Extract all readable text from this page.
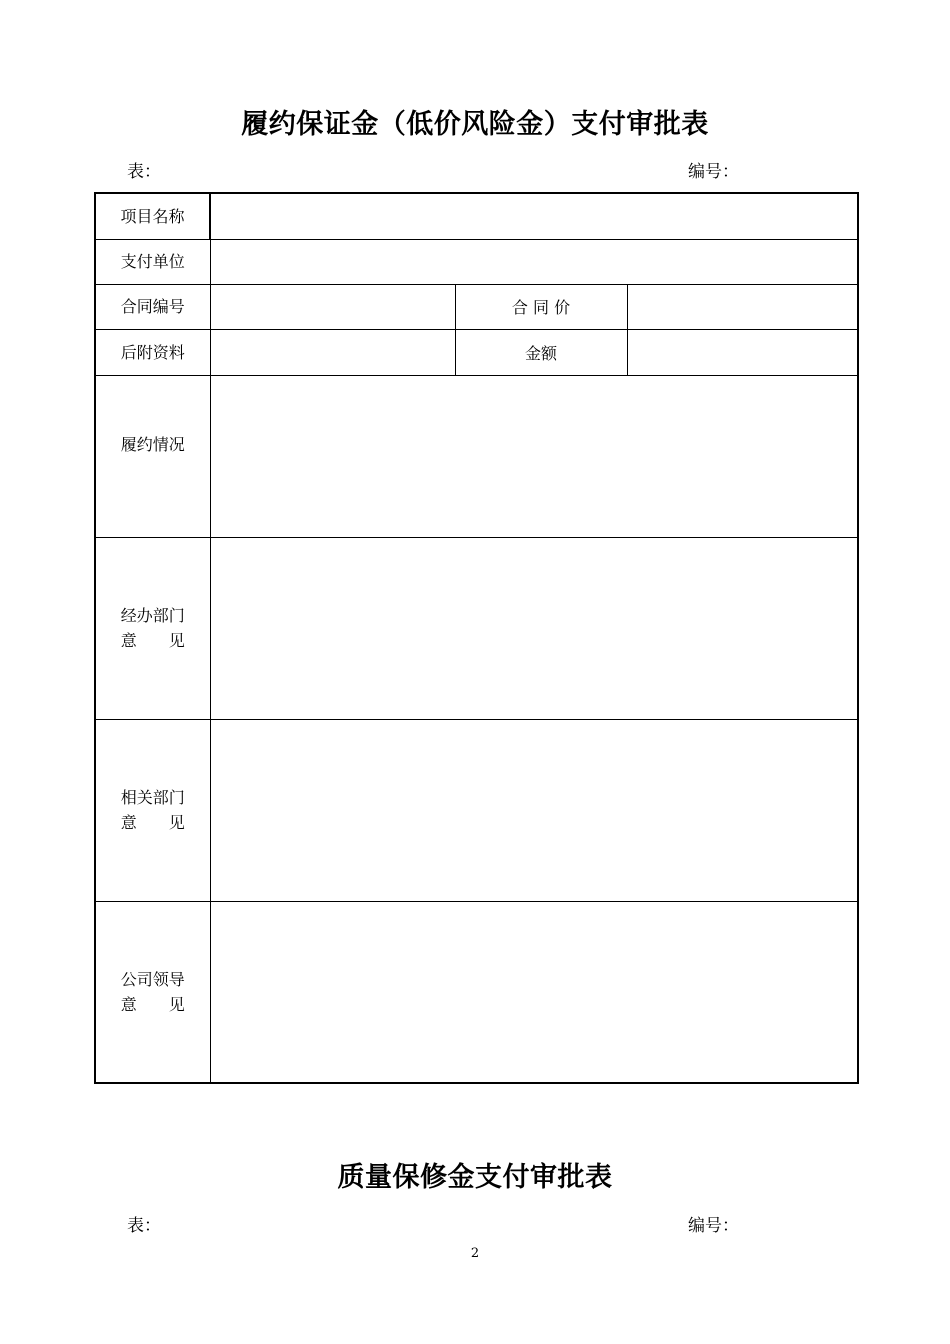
履约保证金（低价风险金）支付审批表
表：	编号：
项目名称			
支付单位			
合同编号		合 同 价	
后附资料		金额	
履约情况			

经办部门
意 见			

相关部门
意 见			

公司领导
意 见			

质量保修金支付审批表
表：	编号：
2
